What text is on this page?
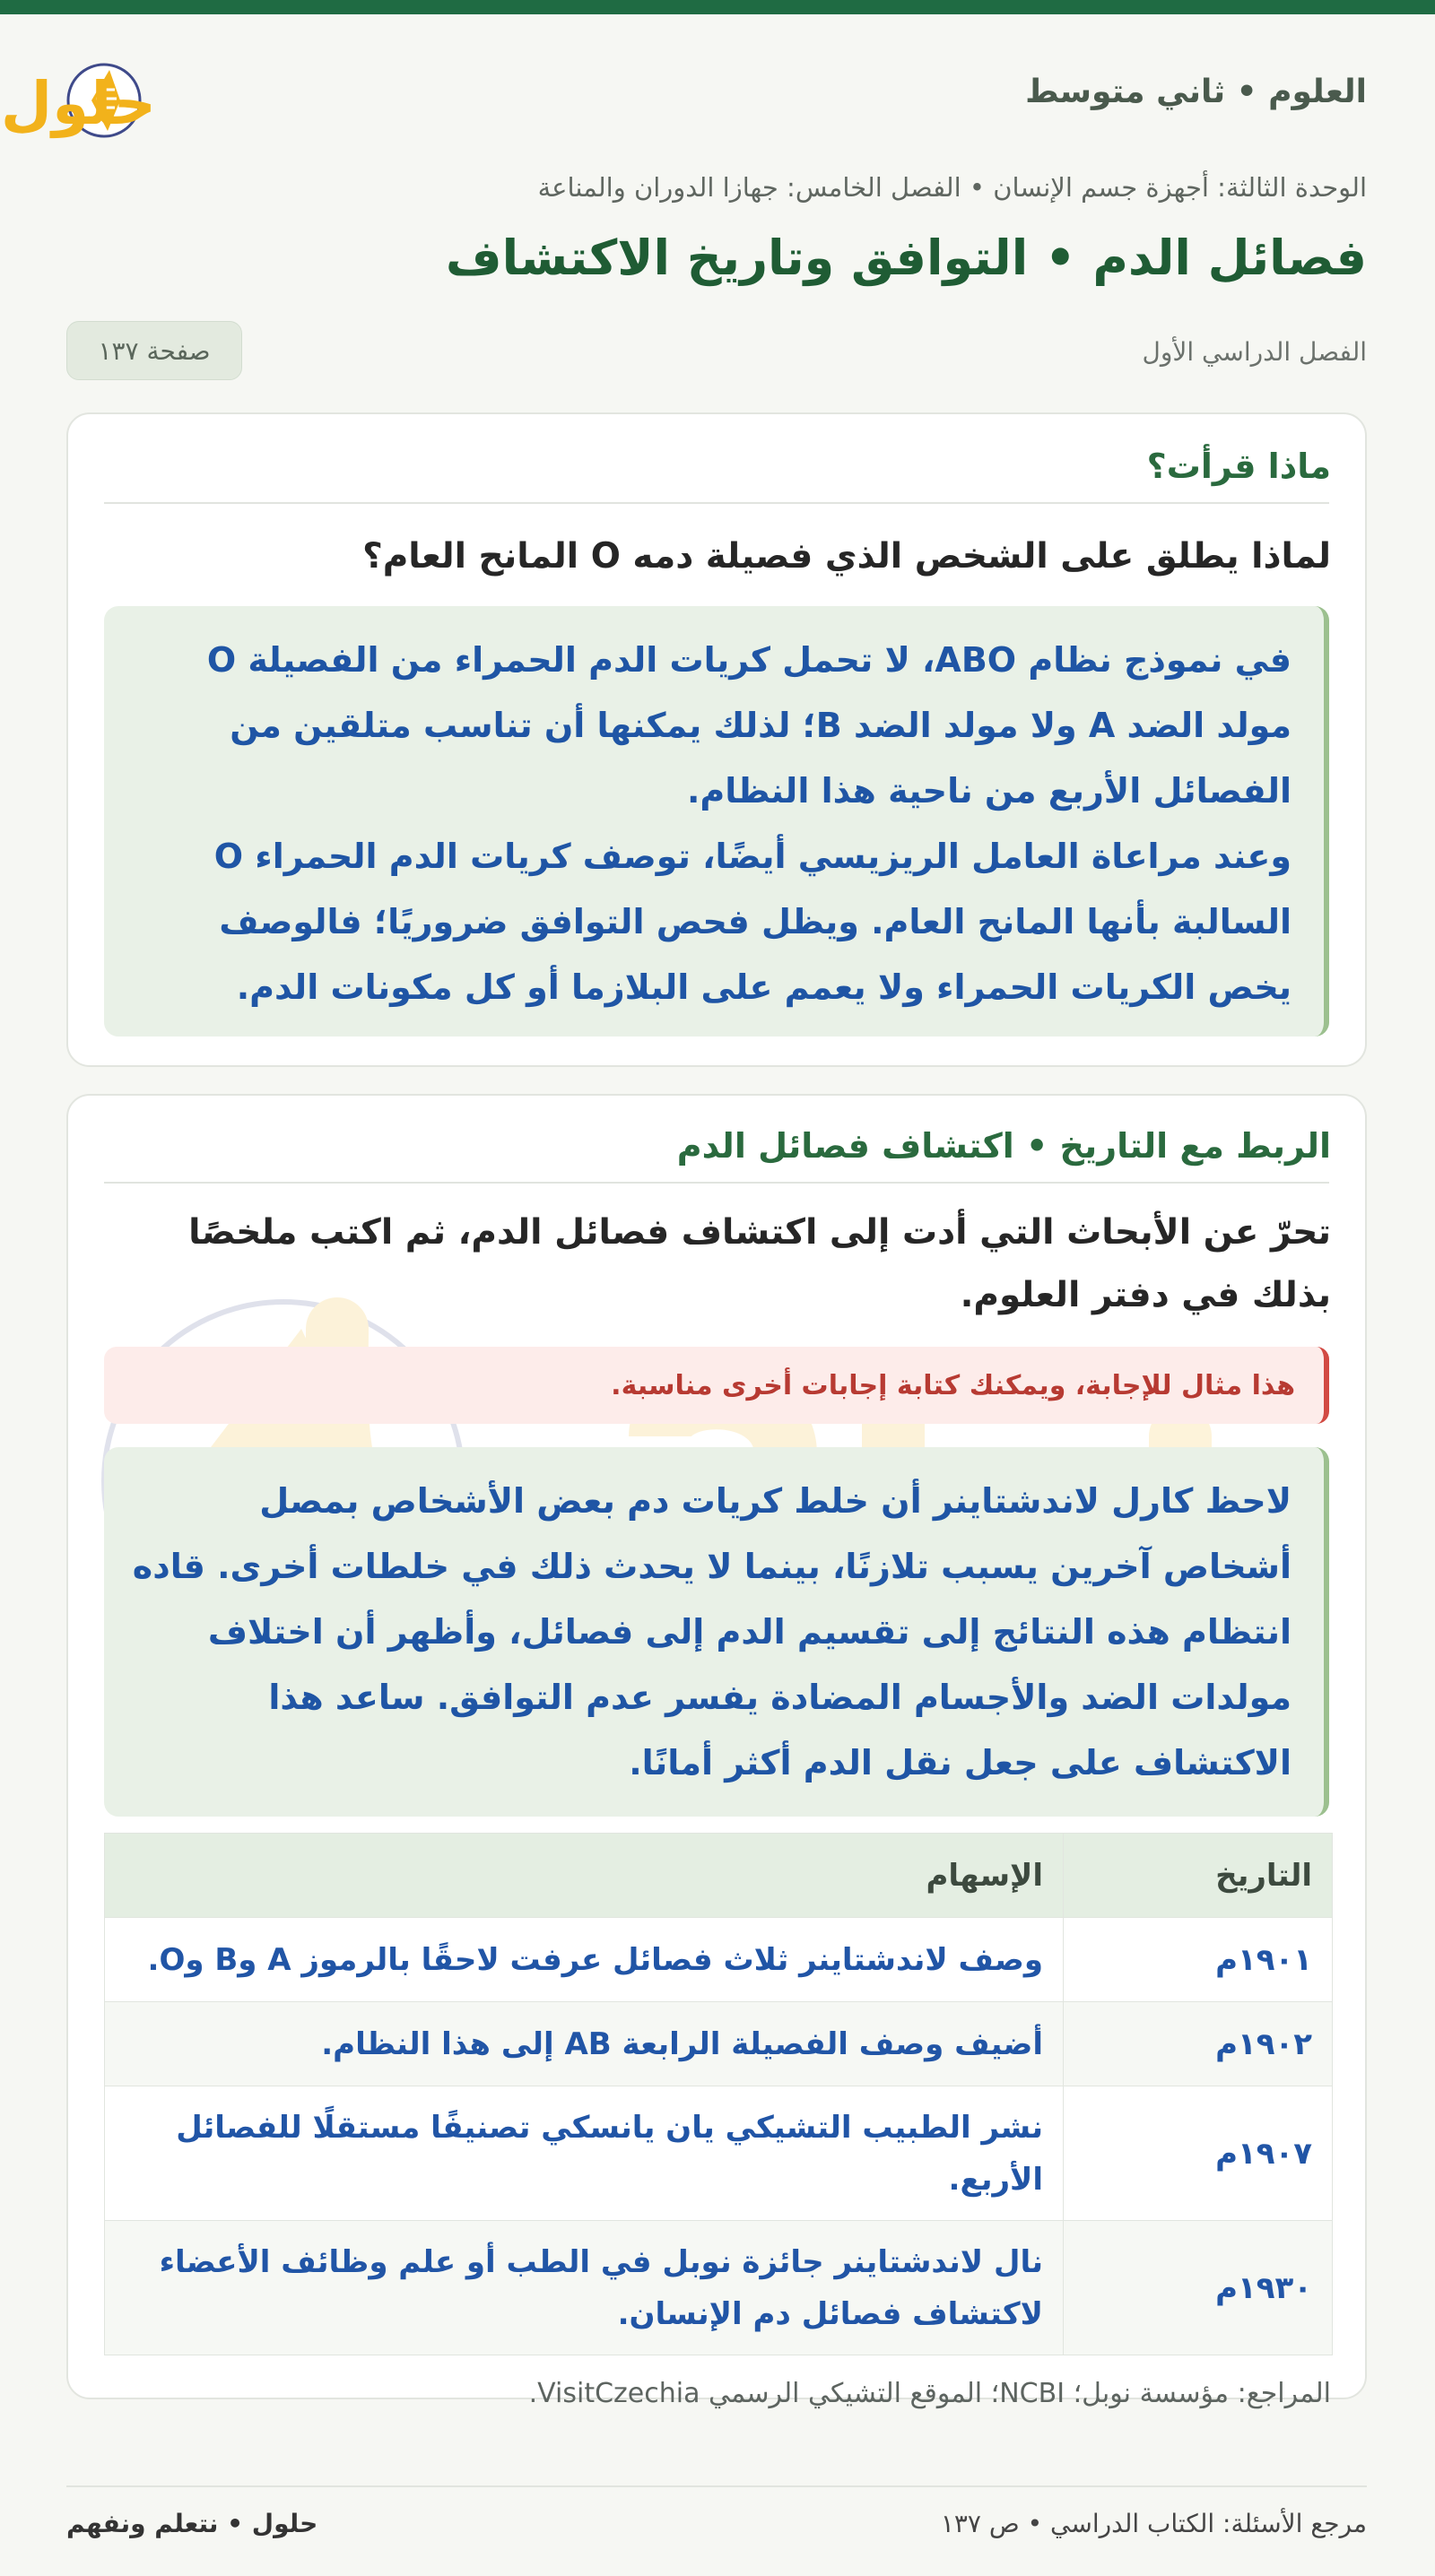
العلوم • ثاني متوسط
حلول
الوحدة الثالثة: أجهزة جسم الإنسان • الفصل الخامس: جهازا الدوران والمناعة
فصائل الدم • التوافق وتاريخ الاكتشاف
الفصل الدراسي الأول
صفحة ١٣٧
ماذا قرأت؟
لماذا يطلق على الشخص الذي فصيلة دمه O المانح العام؟

في نموذج نظام ABO، لا تحمل كريات الدم الحمراء من الفصيلة O مولد الضد A ولا مولد الضد B؛ لذلك يمكنها أن تناسب متلقين من الفصائل الأربع من ناحية هذا النظام.

وعند مراعاة العامل الريزيسي أيضًا، توصف كريات الدم الحمراء O السالبة بأنها المانح العام. ويظل فحص التوافق ضروريًا؛ فالوصف يخص الكريات الحمراء ولا يعمم على البلازما أو كل مكونات الدم.

الربط مع التاريخ • اكتشاف فصائل الدم
تحرّ عن الأبحاث التي أدت إلى اكتشاف فصائل الدم، ثم اكتب ملخصًا بذلك في دفتر العلوم.
هذا مثال للإجابة، ويمكنك كتابة إجابات أخرى مناسبة.
لاحظ كارل لاندشتاينر أن خلط كريات دم بعض الأشخاص بمصل أشخاص آخرين يسبب تلازنًا، بينما لا يحدث ذلك في خلطات أخرى. قاده انتظام هذه النتائج إلى تقسيم الدم إلى فصائل، وأظهر أن اختلاف مولدات الضد والأجسام المضادة يفسر عدم التوافق. ساعد هذا الاكتشاف على جعل نقل الدم أكثر أمانًا.
التاريخ	الإسهام
١٩٠١م	وصف لاندشتاينر ثلاث فصائل عرفت لاحقًا بالرموز A وB وO.
١٩٠٢م	أضيف وصف الفصيلة الرابعة AB إلى هذا النظام.
١٩٠٧م	نشر الطبيب التشيكي يان يانسكي تصنيفًا مستقلًا للفصائل الأربع.
١٩٣٠م	نال لاندشتاينر جائزة نوبل في الطب أو علم وظائف الأعضاء لاكتشاف فصائل دم الإنسان.
المراجع: مؤسسة نوبل؛ NCBI؛ الموقع التشيكي الرسمي VisitCzechia.
مرجع الأسئلة: الكتاب الدراسي • ص ١٣٧
حلول • نتعلم ونفهم
